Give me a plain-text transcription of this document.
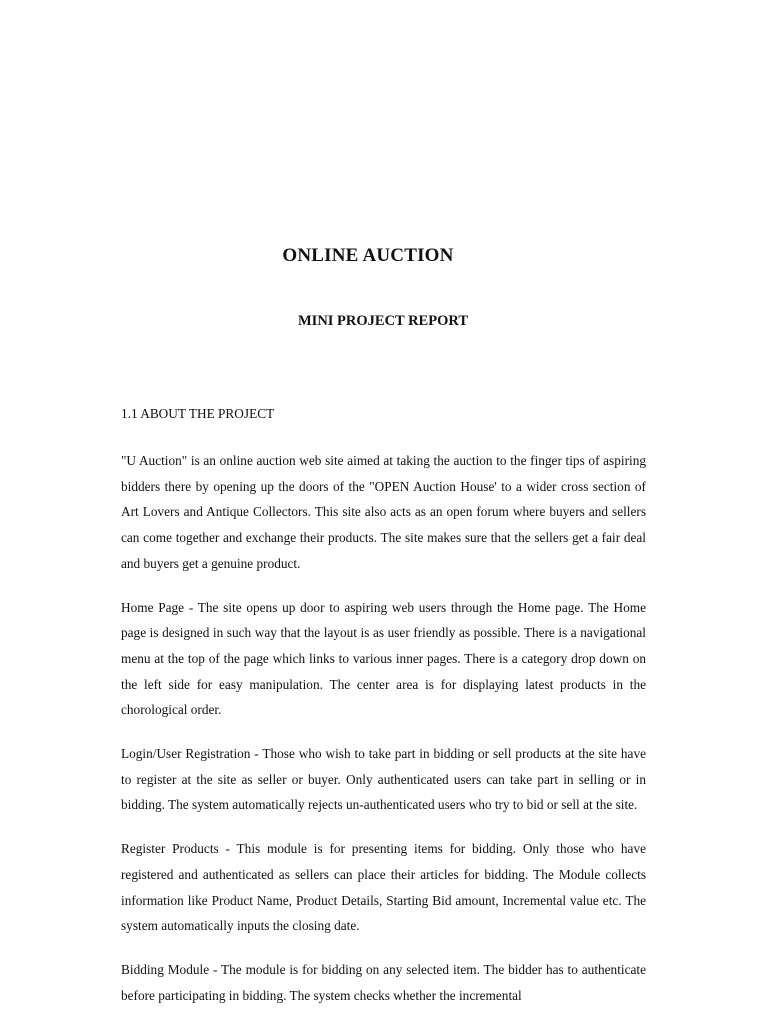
ONLINE AUCTION
MINI PROJECT REPORT

1.1 ABOUT THE PROJECT

"U Auction" is an online auction web site aimed at taking the auction to the finger tips of aspiring bidders there by opening up the doors of the "OPEN Auction House' to a wider cross section of Art Lovers and Antique Collectors. This site also acts as an open forum where buyers and sellers can come together and exchange their products. The site makes sure that the sellers get a fair deal and buyers get a genuine product.

Home Page - The site opens up door to aspiring web users through the Home page. The Home page is designed in such way that the layout is as user friendly as possible. There is a navigational menu at the top of the page which links to various inner pages. There is a category drop down on the left side for easy manipulation. The center area is for displaying latest products in the chorological order.

Login/User Registration - Those who wish to take part in bidding or sell products at the site have to register at the site as seller or buyer. Only authenticated users can take part in selling or in bidding. The system automatically rejects un-authenticated users who try to bid or sell at the site.

Register Products - This module is for presenting items for bidding. Only those who have registered and authenticated as sellers can place their articles for bidding. The Module collects information like Product Name, Product Details, Starting Bid amount, Incremental value etc. The system automatically inputs the closing date.

Bidding Module - The module is for bidding on any selected item. The bidder has to authenticate before participating in bidding. The system checks whether the incremental
